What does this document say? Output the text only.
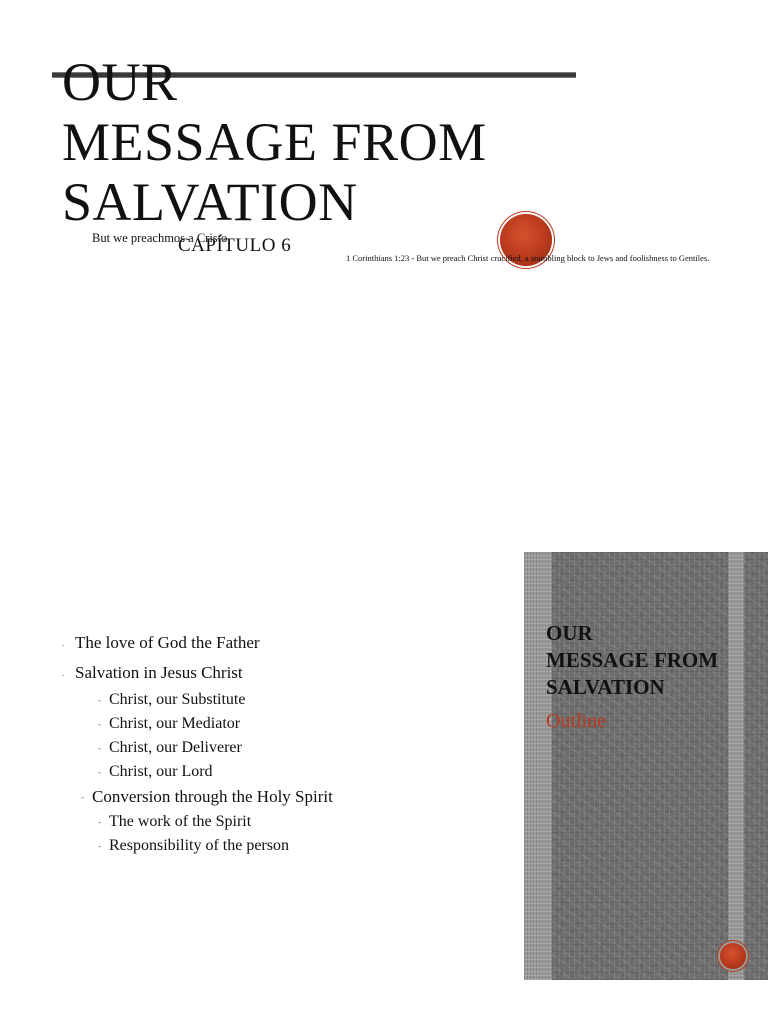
OUR
MESSAGE FROM
SALVATION
But we preachmos a Cristo
CAPÍTULO 6
1 Corinthians 1:23 - But we preach Christ crucified, a stumbling block to Jews and foolishness to Gentiles.
. The love of God the Father
. Salvation in Jesus Christ
- Christ, our Substitute
- Christ, our Mediator
- Christ, our Deliverer
- Christ, our Lord
- Conversion through the Holy Spirit
- The work of the Spirit
- Responsibility of the person
OUR
MESSAGE FROM
SALVATION
Outline
